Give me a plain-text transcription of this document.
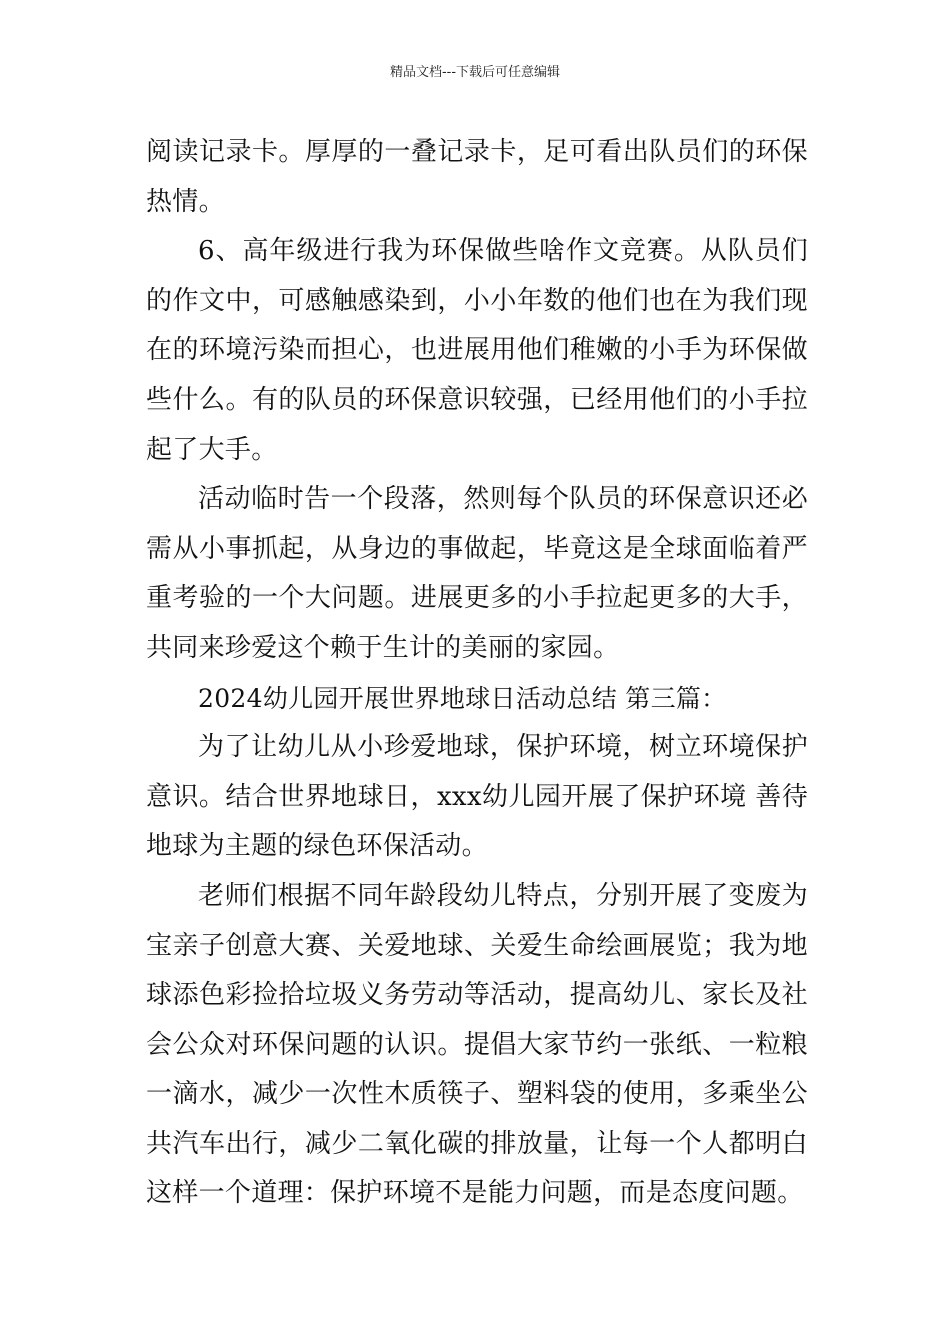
精品文档---下载后可任意编辑

阅读记录卡。厚厚的一叠记录卡，足可看出队员们的环保热情。

6、高年级进行我为环保做些啥作文竞赛。从队员们的作文中，可感触感染到，小小年数的他们也在为我们现在的环境污染而担心，也进展用他们稚嫩的小手为环保做些什么。有的队员的环保意识较强，已经用他们的小手拉起了大手。

活动临时告一个段落，然则每个队员的环保意识还必需从小事抓起，从身边的事做起，毕竟这是全球面临着严重考验的一个大问题。进展更多的小手拉起更多的大手，共同来珍爱这个赖于生计的美丽的家园。

2024幼儿园开展世界地球日活动总结 第三篇：

为了让幼儿从小珍爱地球，保护环境，树立环境保护意识。结合世界地球日，xxx幼儿园开展了保护环境 善待地球为主题的绿色环保活动。

老师们根据不同年龄段幼儿特点，分别开展了变废为宝亲子创意大赛、关爱地球、关爱生命绘画展览；我为地球添色彩捡拾垃圾义务劳动等活动，提高幼儿、家长及社会公众对环保问题的认识。提倡大家节约一张纸、一粒粮一滴水，减少一次性木质筷子、塑料袋的使用，多乘坐公共汽车出行，减少二氧化碳的排放量，让每一个人都明白这样一个道理：保护环境不是能力问题，而是态度问题。
